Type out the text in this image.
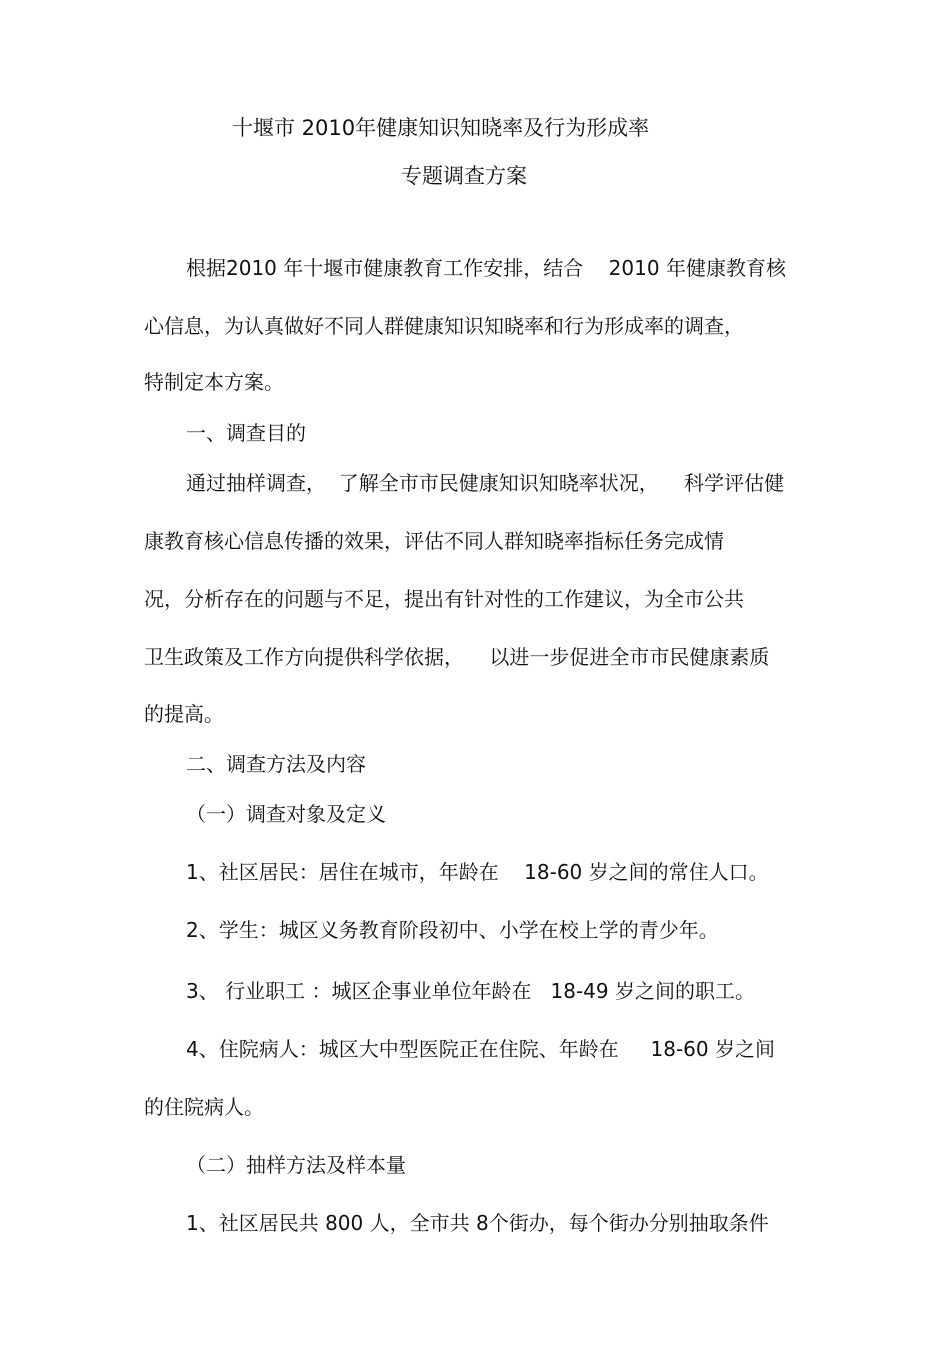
十堰市 2010年健康知识知晓率及行为形成率
专题调查方案
根据2010 年十堰市健康教育工作安排，结合    2010 年健康教育核
心信息，为认真做好不同人群健康知识知晓率和行为形成率的调查，
特制定本方案。
一、调查目的
通过抽样调查，  了解全市市民健康知识知晓率状况，    科学评估健
康教育核心信息传播的效果，评估不同人群知晓率指标任务完成情
况，分析存在的问题与不足，提出有针对性的工作建议，为全市公共
卫生政策及工作方向提供科学依据，    以进一步促进全市市民健康素质
的提高。
二、调查方法及内容
（一）调查对象及定义
1、社区居民：居住在城市，年龄在    18-60 岁之间的常住人口。
2、学生：城区义务教育阶段初中、小学在校上学的青少年。
3、 行业职工 ：城区企事业单位年龄在   18-49 岁之间的职工。
4、住院病人：城区大中型医院正在住院、年龄在     18-60 岁之间
的住院病人。
（二）抽样方法及样本量
1、社区居民共 800 人，全市共 8个街办，每个街办分别抽取条件
